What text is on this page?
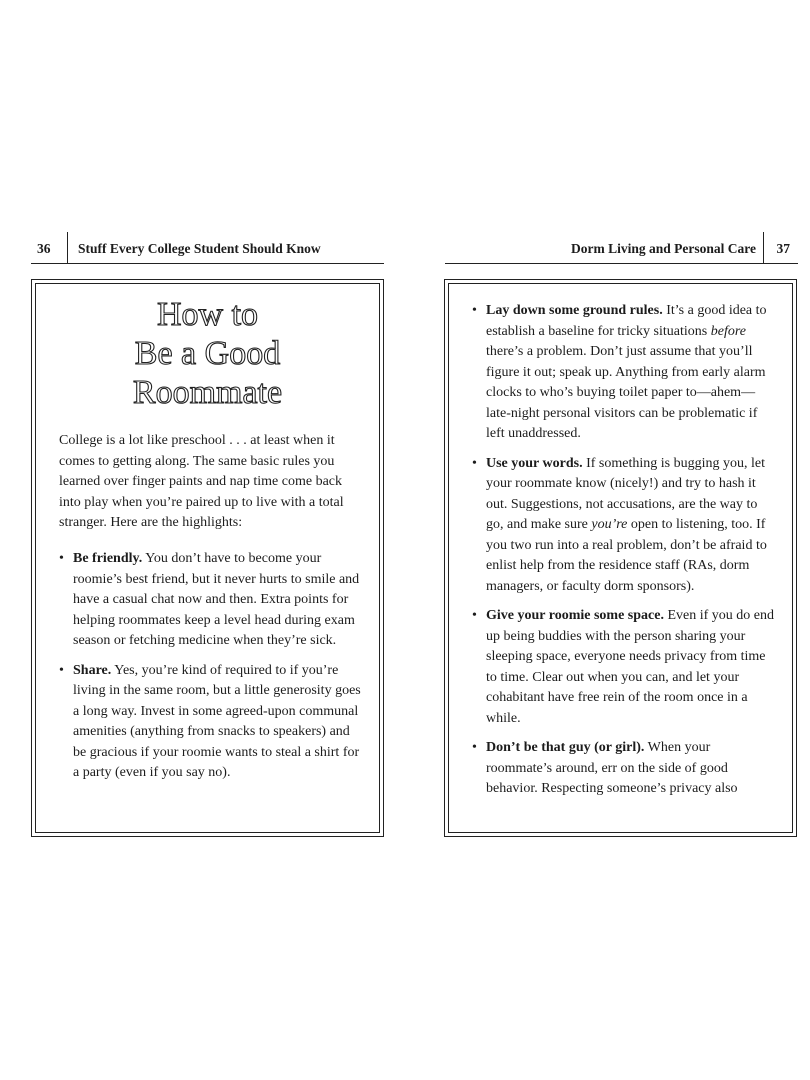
36 Stuff Every College Student Should Know	Dorm Living and Personal Care 37
How to
Be a Good
Roommate

College is a lot like preschool . . . at least when it comes to getting along. The same basic rules you learned over finger paints and nap time come back into play when you’re paired up to live with a total stranger. Here are the highlights:

• Be friendly. You don’t have to become your roomie’s best friend, but it never hurts to smile and have a casual chat now and then. Extra points for helping roommates keep a level head during exam season or fetching medicine when they’re sick.
• Share. Yes, you’re kind of required to if you’re living in the same room, but a little generosity goes a long way. Invest in some agreed-upon communal amenities (anything from snacks to speakers) and be gracious if your roomie wants to steal a shirt for a party (even if you say no).
• Lay down some ground rules. It’s a good idea to establish a baseline for tricky situations before there’s a problem. Don’t just assume that you’ll figure it out; speak up. Anything from early alarm clocks to who’s buying toilet paper to—ahem—late-night personal visitors can be problematic if left unaddressed.
• Use your words. If something is bugging you, let your roommate know (nicely!) and try to hash it out. Suggestions, not accusations, are the way to go, and make sure you’re open to listening, too. If you two run into a real problem, don’t be afraid to enlist help from the residence staff (RAs, dorm managers, or faculty dorm sponsors).
• Give your roomie some space. Even if you do end up being buddies with the person sharing your sleeping space, everyone needs privacy from time to time. Clear out when you can, and let your cohabitant have free rein of the room once in a while.
• Don’t be that guy (or girl). When your roommate’s around, err on the side of good behavior. Respecting someone’s privacy also
